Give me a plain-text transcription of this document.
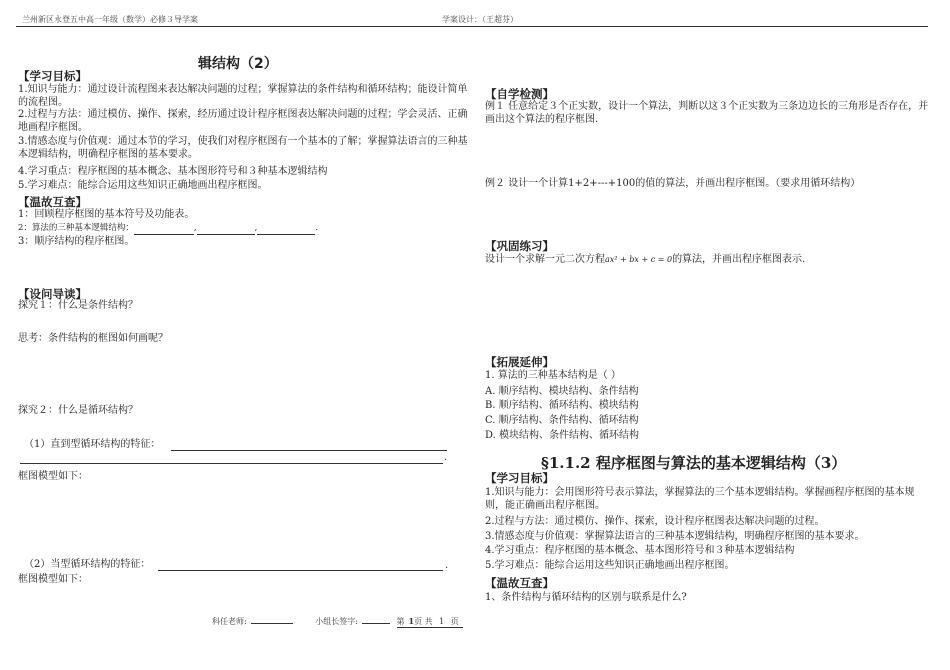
兰州新区永登五中高一年级（数学）必修３导学案	学案设计：（王超芬）
辑结构（2）
【学习目标】
1.知识与能力：通过设计流程图来表达解决问题的过程；掌握算法的条件结构和循环结构；能设计简单的流程图。
2.过程与方法：通过模仿、操作、探索，经历通过设计程序框图表达解决问题的过程；学会灵活、正确地画程序框图。
3.情感态度与价值观：通过本节的学习，使我们对程序框图有一个基本的了解；掌握算法语言的三种基本逻辑结构，明确程序框图的基本要求。
4.学习重点：程序框图的基本概念、基本图形符号和３种基本逻辑结构
5.学习难点：能综合运用这些知识正确地画出程序框图。
【温故互查】
1：回顾程序框图的基本符号及功能表。
2：算法的三种基本逻辑结构：	,	,	.
3：顺序结构的程序框图。
【设问导读】
探究１：什么是条件结构？
思考：条件结构的框图如何画呢？
探究２：什么是循环结构？
（1）直到型循环结构的特征：
.
框图模型如下：
（2）当型循环结构的特征：	.
框图模型如下：
【自学检测】
例１ 任意给定３个正实数，设计一个算法，判断以这３个正实数为三条边边长的三角形是否存在，并画出这个算法的程序框图.
例２ 设计一个计算1+2+---+100的值的算法，并画出程序框图。（要求用循环结构）
【巩固练习】
设计一个求解一元二次方程ax² + bx + c = 0的算法，并画出程序框图表示.
【拓展延伸】
1. 算法的三种基本结构是（ ）
A. 顺序结构、模块结构、条件结构
B. 顺序结构、循环结构、模块结构
C. 顺序结构、条件结构、循环结构
D. 模块结构、条件结构、循环结构
§1.1.2 程序框图与算法的基本逻辑结构（3）
【学习目标】
1.知识与能力：会用图形符号表示算法，掌握算法的三个基本逻辑结构。掌握画程序框图的基本规则，能正确画出程序框图。
2.过程与方法：通过模仿、操作、探索，设计程序框图表达解决问题的过程。
3.情感态度与价值观：掌握算法语言的三种基本逻辑结构，明确程序框图的基本要求。
4.学习重点：程序框图的基本概念、基本图形符号和３种基本逻辑结构
5.学习难点：能综合运用这些知识正确地画出程序框图。
【温故互查】
1、条件结构与循环结构的区别与联系是什么?
科任老师:	小组长签字:	第 1页 共 1 页
